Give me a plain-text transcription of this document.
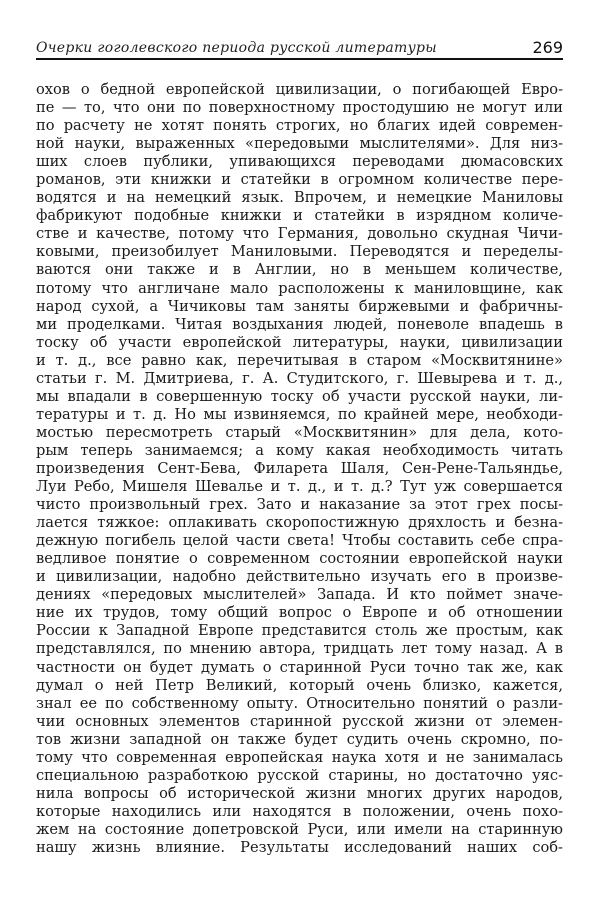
Очерки гоголевского периода русской литературы	269
охов о бедной европейской цивилизации, о погибающей Евро-
пе — то, что они по поверхностному простодушию не могут или
по расчету не хотят понять строгих, но благих идей современ-
ной науки, выраженных «передовыми мыслителями». Для низ-
ших слоев публики, упивающихся переводами дюмасовских
романов, эти книжки и статейки в огромном количестве пере-
водятся и на немецкий язык. Впрочем, и немецкие Маниловы
фабрикуют подобные книжки и статейки в изрядном количе-
стве и качестве, потому что Германия, довольно скудная Чичи-
ковыми, преизобилует Маниловыми. Переводятся и переделы-
ваются они также и в Англии, но в меньшем количестве,
потому что англичане мало расположены к маниловщине, как
народ сухой, а Чичиковы там заняты биржевыми и фабричны-
ми проделками. Читая воздыхания людей, поневоле впадешь в
тоску об участи европейской литературы, науки, цивилизации
и т. д., все равно как, перечитывая в старом «Москвитянине»
статьи г. М. Дмитриева, г. А. Студитского, г. Шевырева и т. д.,
мы впадали в совершенную тоску об участи русской науки, ли-
тературы и т. д. Но мы извиняемся, по крайней мере, необходи-
мостью пересмотреть старый «Москвитянин» для дела, кото-
рым теперь занимаемся; а кому какая необходимость читать
произведения Сент-Бева, Филарета Шаля, Сен-Рене-Тальяндье,
Луи Ребо, Мишеля Шевалье и т. д., и т. д.? Тут уж совершается
чисто произвольный грех. Зато и наказание за этот грех посы-
лается тяжкое: оплакивать скоропостижную дряхлость и безна-
дежную погибель целой части света! Чтобы составить себе спра-
ведливое понятие о современном состоянии европейской науки
и цивилизации, надобно действительно изучать его в произве-
дениях «передовых мыслителей» Запада. И кто поймет значе-
ние их трудов, тому общий вопрос о Европе и об отношении
России к Западной Европе представится столь же простым, как
представлялся, по мнению автора, тридцать лет тому назад. А в
частности он будет думать о старинной Руси точно так же, как
думал о ней Петр Великий, который очень близко, кажется,
знал ее по собственному опыту. Относительно понятий о разли-
чии основных элементов старинной русской жизни от элемен-
тов жизни западной он также будет судить очень скромно, по-
тому что современная европейская наука хотя и не занималась
специальною разработкою русской старины, но достаточно уяс-
нила вопросы об исторической жизни многих других народов,
которые находились или находятся в положении, очень похо-
жем на состояние допетровской Руси, или имели на старинную
нашу жизнь влияние. Результаты исследований наших соб-
